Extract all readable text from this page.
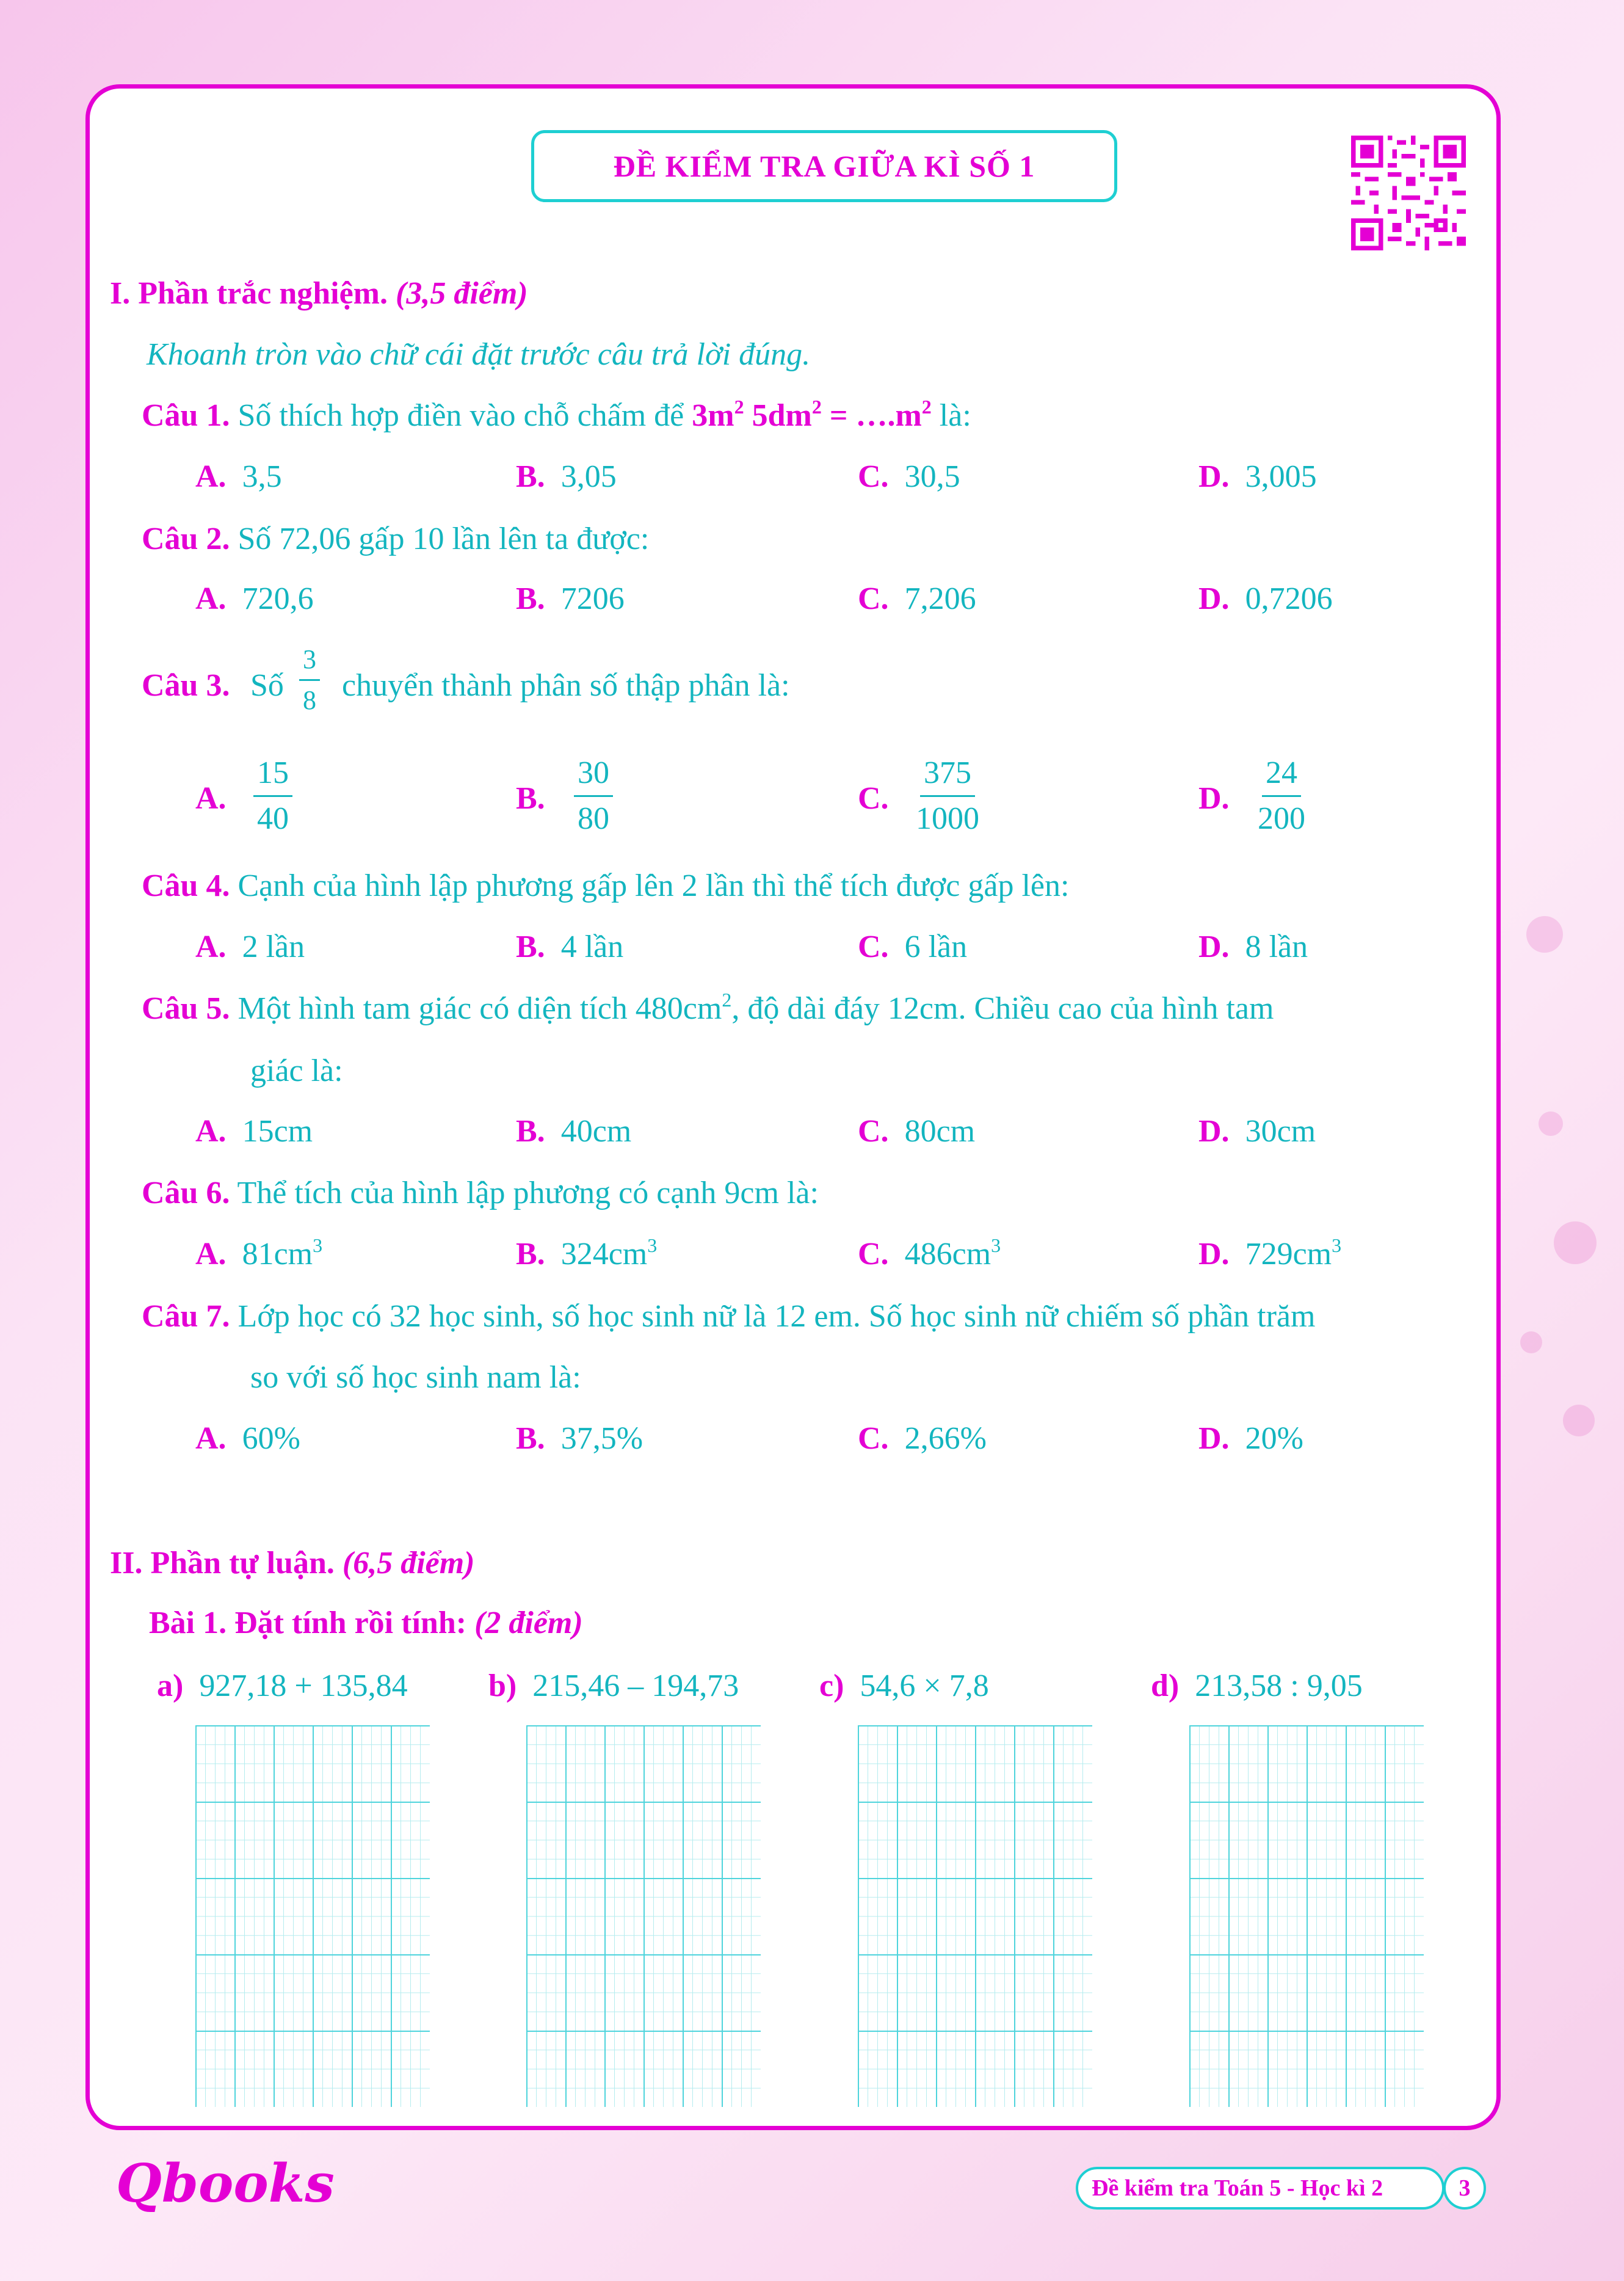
ĐỀ KIỂM TRA GIỮA KÌ SỐ 1
I. Phần trắc nghiệm. (3,5 điểm)
Khoanh tròn vào chữ cái đặt trước câu trả lời đúng.
Câu 1. Số thích hợp điền vào chỗ chấm để $3m^2$ $5dm^2$ = $\dots.m^2$ là:
A. 3,5	B. 3,05	C. 30,5	D. 3,005
Câu 2. Số 72,06 gấp 10 lần lên ta được:
A. 720,6	B. 7206	C. 7,206	D. 0,7206
Câu 3. Số $\frac{3}{8}$ chuyển thành phân số thập phân là:
A. $\frac{15}{40}$	B. $\frac{30}{80}$	C. $\frac{375}{1000}$	D. $\frac{24}{200}$
Câu 4. Cạnh của hình lập phương gấp lên 2 lần thì thể tích được gấp lên:
A. 2 lần	B. 4 lần	C. 6 lần	D. 8 lần
Câu 5. Một hình tam giác có diện tích $480cm^2$, độ dài đáy 12cm. Chiều cao của hình tam
giác là:
A. 15cm	B. 40cm	C. 80cm	D. 30cm
Câu 6. Thể tích của hình lập phương có cạnh 9cm là:
A. $81cm^3$	B. $324cm^3$	C. $486cm^3$	D. $729cm^3$
Câu 7. Lớp học có 32 học sinh, số học sinh nữ là 12 em. Số học sinh nữ chiếm số phần trăm
so với số học sinh nam là:
A. 60%	B. 37,5%	C. 2,66%	D. 20%
II. Phần tự luận. (6,5 điểm)
Bài 1. Đặt tính rồi tính: (2 điểm)
a) 927,18 + 135,84	b) 215,46 – 194,73	c) 54,6 × 7,8	d) 213,58 : 9,05
Qbooks	Đề kiểm tra Toán 5 - Học kì 2	3
